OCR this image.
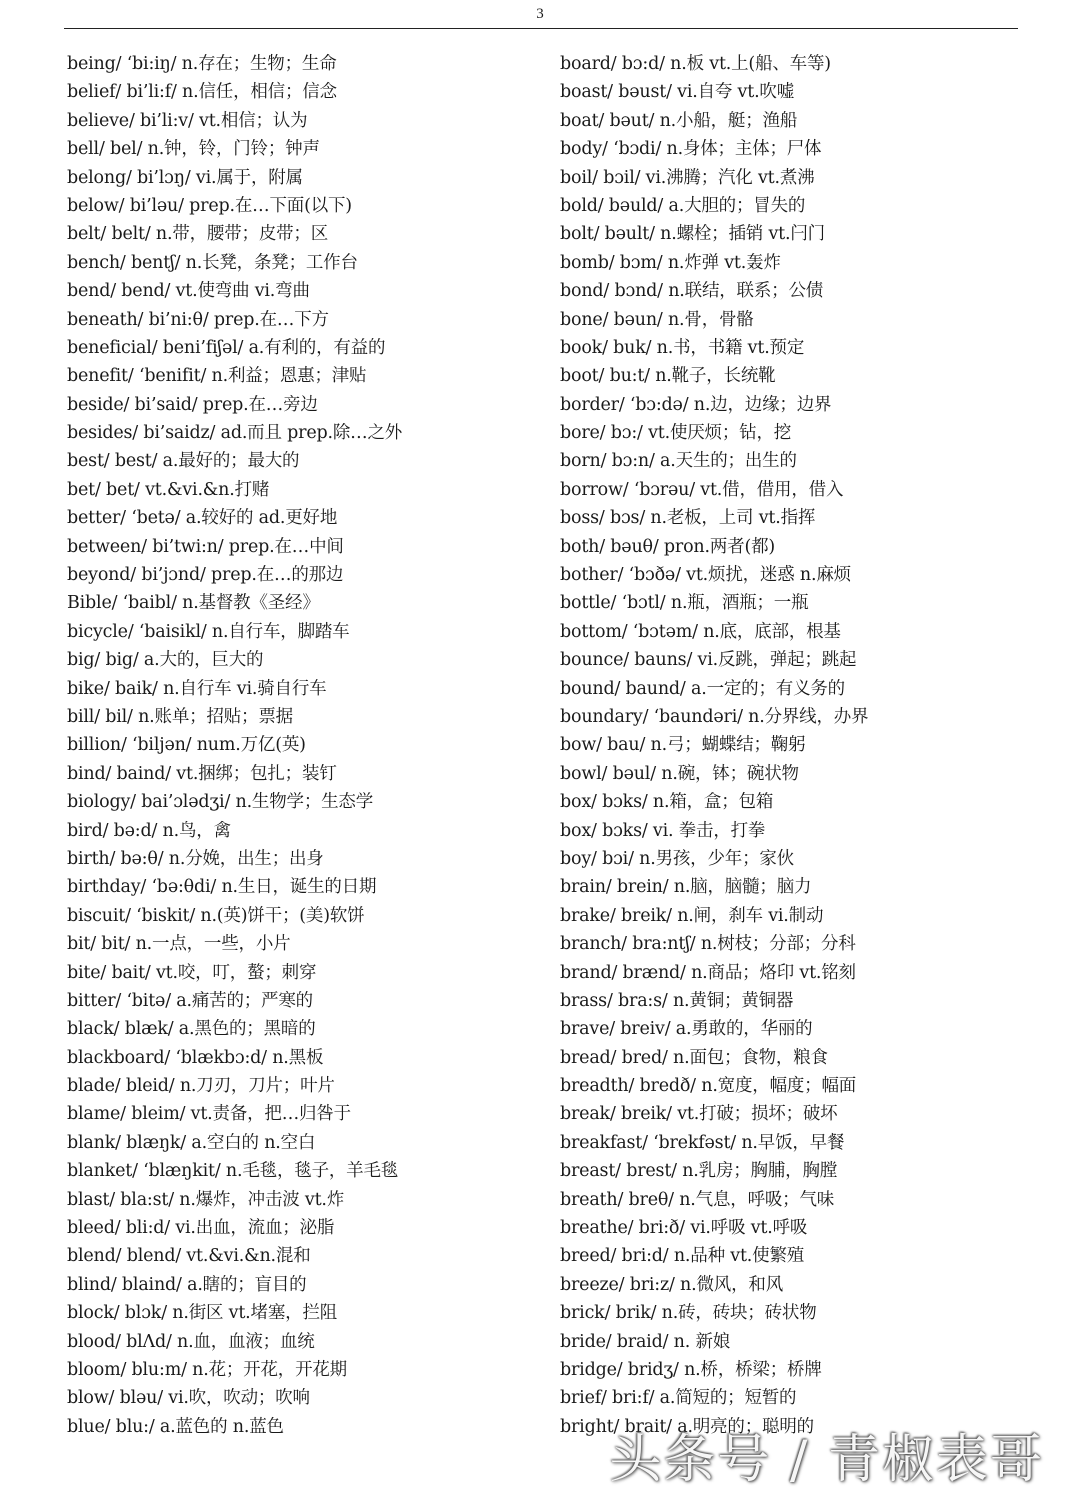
3
being/ ‘bi:iŋ/ n.存在；生物；生命
belief/ bi’li:f/ n.信任，相信；信念
believe/ bi’li:v/ vt.相信；认为
bell/ bel/ n.钟，铃，门铃；钟声
belong/ bi’lɔŋ/ vi.属于，附属
below/ bi’ləu/ prep.在…下面(以下)
belt/ belt/ n.带，腰带；皮带；区
bench/ bentʃ/ n.长凳，条凳；工作台
bend/ bend/ vt.使弯曲 vi.弯曲
beneath/ bi’ni:θ/ prep.在…下方
beneficial/ beni’fiʃəl/ a.有利的，有益的
benefit/ ‘benifit/ n.利益；恩惠；津贴
beside/ bi’said/ prep.在…旁边
besides/ bi’saidz/ ad.而且 prep.除…之外
best/ best/ a.最好的；最大的
bet/ bet/ vt.&vi.&n.打赌
better/ ‘betə/ a.较好的 ad.更好地
between/ bi’twi:n/ prep.在…中间
beyond/ bi’jɔnd/ prep.在…的那边
Bible/ ‘baibl/ n.基督教《圣经》
bicycle/ ‘baisikl/ n.自行车，脚踏车
big/ big/ a.大的，巨大的
bike/ baik/ n.自行车 vi.骑自行车
bill/ bil/ n.账单；招贴；票据
billion/ ‘biljən/ num.万亿(英)
bind/ baind/ vt.捆绑；包扎；装钉
biology/ bai’ɔlədʒi/ n.生物学；生态学
bird/ bə:d/ n.鸟，禽
birth/ bə:θ/ n.分娩，出生；出身
birthday/ ‘bə:θdi/ n.生日，诞生的日期
biscuit/ ‘biskit/ n.(英)饼干；(美)软饼
bit/ bit/ n.一点，一些，小片
bite/ bait/ vt.咬，叮，螯；刺穿
bitter/ ‘bitə/ a.痛苦的；严寒的
black/ blæk/ a.黑色的；黑暗的
blackboard/ ‘blækbɔ:d/ n.黑板
blade/ bleid/ n.刀刃，刀片；叶片
blame/ bleim/ vt.责备，把…归咎于
blank/ blæŋk/ a.空白的 n.空白
blanket/ ‘blæŋkit/ n.毛毯，毯子，羊毛毯
blast/ bla:st/ n.爆炸，冲击波 vt.炸
bleed/ bli:d/ vi.出血，流血；泌脂
blend/ blend/ vt.&vi.&n.混和
blind/ blaind/ a.瞎的；盲目的
block/ blɔk/ n.街区 vt.堵塞，拦阻
blood/ blΛd/ n.血，血液；血统
bloom/ blu:m/ n.花；开花，开花期
blow/ bləu/ vi.吹，吹动；吹响
blue/ blu:/ a.蓝色的 n.蓝色
board/ bɔ:d/ n.板 vt.上(船、车等)
boast/ bəust/ vi.自夸 vt.吹嘘
boat/ bəut/ n.小船，艇；渔船
body/ ‘bɔdi/ n.身体；主体；尸体
boil/ bɔil/ vi.沸腾；汽化 vt.煮沸
bold/ bəuld/ a.大胆的；冒失的
bolt/ bəult/ n.螺栓；插销 vt.闩门
bomb/ bɔm/ n.炸弹 vt.轰炸
bond/ bɔnd/ n.联结，联系；公债
bone/ bəun/ n.骨，骨骼
book/ buk/ n.书，书籍 vt.预定
boot/ bu:t/ n.靴子，长统靴
border/ ‘bɔ:də/ n.边，边缘；边界
bore/ bɔ:/ vt.使厌烦；钻，挖
born/ bɔ:n/ a.天生的；出生的
borrow/ ‘bɔrəu/ vt.借，借用，借入
boss/ bɔs/ n.老板，上司 vt.指挥
both/ bəuθ/ pron.两者(都)
bother/ ‘bɔðə/ vt.烦扰，迷惑 n.麻烦
bottle/ ‘bɔtl/ n.瓶，酒瓶；一瓶
bottom/ ‘bɔtəm/ n.底，底部，根基
bounce/ bauns/ vi.反跳，弹起；跳起
bound/ baund/ a.一定的；有义务的
boundary/ ‘baundəri/ n.分界线，办界
bow/ bau/ n.弓；蝴蝶结；鞠躬
bowl/ bəul/ n.碗，钵；碗状物
box/ bɔks/ n.箱，盒；包箱
box/ bɔks/ vi. 拳击，打拳
boy/ bɔi/ n.男孩，少年；家伙
brain/ brein/ n.脑，脑髓；脑力
brake/ breik/ n.闸，刹车 vi.制动
branch/ bra:ntʃ/ n.树枝；分部；分科
brand/ brænd/ n.商品；烙印 vt.铭刻
brass/ bra:s/ n.黄铜；黄铜器
brave/ breiv/ a.勇敢的，华丽的
bread/ bred/ n.面包；食物，粮食
breadth/ bredð/ n.宽度，幅度；幅面
break/ breik/ vt.打破；损坏；破坏
breakfast/ ‘brekfəst/ n.早饭，早餐
breast/ brest/ n.乳房；胸脯，胸膛
breath/ breθ/ n.气息，呼吸；气味
breathe/ bri:ð/ vi.呼吸 vt.呼吸
breed/ bri:d/ n.品种 vt.使繁殖
breeze/ bri:z/ n.微风，和风
brick/ brik/ n.砖，砖块；砖状物
bride/ braid/ n. 新娘
bridge/ bridʒ/ n.桥，桥梁；桥牌
brief/ bri:f/ a.简短的；短暂的
bright/ brait/ a.明亮的；聪明的
头条号 / 青椒表哥
